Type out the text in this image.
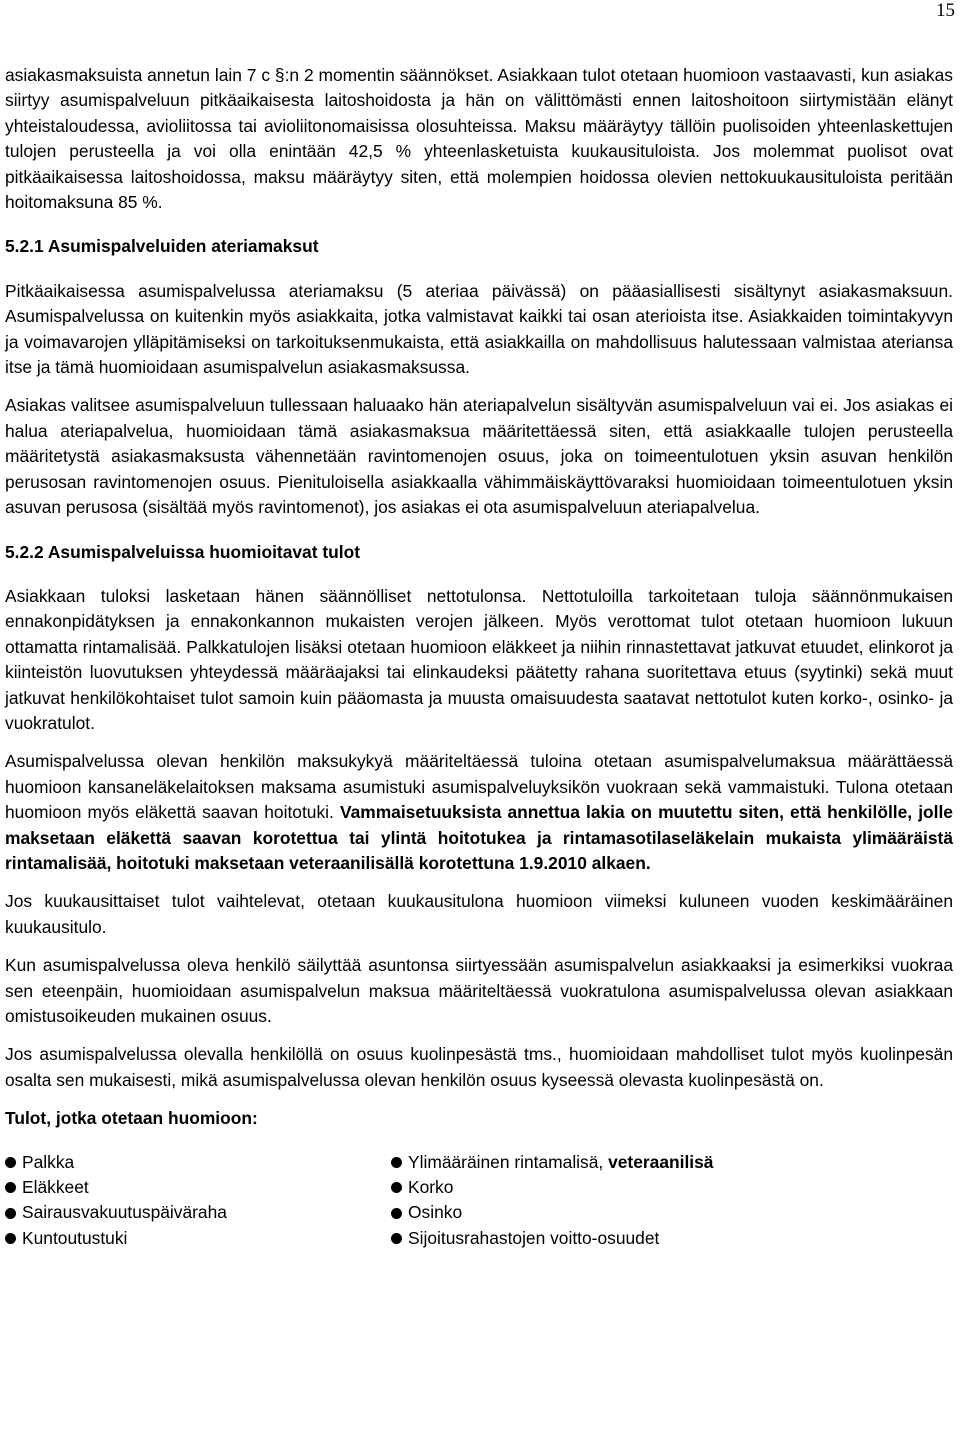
15

asiakasmaksuista annetun lain 7 c §:n 2 momentin säännökset. Asiakkaan tulot otetaan huomioon vastaavasti, kun asiakas siirtyy asumispalveluun pitkäaikaisesta laitoshoidosta ja hän on välittömästi ennen laitoshoitoon siirtymistään elänyt yhteistaloudessa, avioliitossa tai avioliitonomaisissa olosuhteissa. Maksu määräytyy tällöin puolisoiden yhteenlaskettujen tulojen perusteella ja voi olla enintään 42,5 % yhteenlasketuista kuukausituloista. Jos molemmat puolisot ovat pitkäaikaisessa laitoshoidossa, maksu määräytyy siten, että molempien hoidossa olevien nettokuukausituloista peritään hoitomaksuna 85 %.

5.2.1 Asumispalveluiden ateriamaksut

Pitkäaikaisessa asumispalvelussa ateriamaksu (5 ateriaa päivässä) on pääasiallisesti sisältynyt asiakasmaksuun. Asumispalvelussa on kuitenkin myös asiakkaita, jotka valmistavat kaikki tai osan aterioista itse. Asiakkaiden toimintakyvyn ja voimavarojen ylläpitämiseksi on tarkoituksenmukaista, että asiakkailla on mahdollisuus halutessaan valmistaa ateriansa itse ja tämä huomioidaan asumispalvelun asiakasmaksussa.

Asiakas valitsee asumispalveluun tullessaan haluaako hän ateriapalvelun sisältyvän asumispalveluun vai ei. Jos asiakas ei halua ateriapalvelua, huomioidaan tämä asiakasmaksua määritettäessä siten, että asiakkaalle tulojen perusteella määritetystä asiakasmaksusta vähennetään ravintomenojen osuus, joka on toimeentulotuen yksin asuvan henkilön perusosan ravintomenojen osuus. Pienituloisella asiakkaalla vähimmäiskäyttövaraksi huomioidaan toimeentulotuen yksin asuvan perusosa (sisältää myös ravintomenot), jos asiakas ei ota asumispalveluun ateriapalvelua.

5.2.2 Asumispalveluissa huomioitavat tulot

Asiakkaan tuloksi lasketaan hänen säännölliset nettotulonsa. Nettotuloilla tarkoitetaan tuloja säännönmukaisen ennakonpidätyksen ja ennakonkannon mukaisten verojen jälkeen. Myös verottomat tulot otetaan huomioon lukuun ottamatta rintamalisää. Palkkatulojen lisäksi otetaan huomioon eläkkeet ja niihin rinnastettavat jatkuvat etuudet, elinkorot ja kiinteistön luovutuksen yhteydessä määräajaksi tai elinkaudeksi päätetty rahana suoritettava etuus (syytinki) sekä muut jatkuvat henkilökohtaiset tulot samoin kuin pääomasta ja muusta omaisuudesta saatavat nettotulot kuten korko-, osinko- ja vuokratulot.

Asumispalvelussa olevan henkilön maksukykyä määriteltäessä tuloina otetaan asumispalvelumaksua määrättäessä huomioon kansaneläkelaitoksen maksama asumistuki asumispalveluyksikön vuokraan sekä vammaistuki. Tulona otetaan huomioon myös eläkettä saavan hoitotuki. Vammaisetuuksista annettua lakia on muutettu siten, että henkilölle, jolle maksetaan eläkettä saavan korotettua tai ylintä hoitotukea ja rintamasotilaseläkelain mukaista ylimääräistä rintamalisää, hoitotuki maksetaan veteraanilisällä korotettuna 1.9.2010 alkaen.

Jos kuukausittaiset tulot vaihtelevat, otetaan kuukausitulona huomioon viimeksi kuluneen vuoden keskimääräinen kuukausitulo.

Kun asumispalvelussa oleva henkilö säilyttää asuntonsa siirtyessään asumispalvelun asiakkaaksi ja esimerkiksi vuokraa sen eteenpäin, huomioidaan asumispalvelun maksua määriteltäessä vuokratulona asumispalvelussa olevan asiakkaan omistusoikeuden mukainen osuus.

Jos asumispalvelussa olevalla henkilöllä on osuus kuolinpesästä tms., huomioidaan mahdolliset tulot myös kuolinpesän osalta sen mukaisesti, mikä asumispalvelussa olevan henkilön osuus kyseessä olevasta kuolinpesästä on.

Tulot, jotka otetaan huomioon:
Palkka	Ylimääräinen rintamalisä, veteraanilisä
Eläkkeet	Korko
Sairausvakuutuspäiväraha	Osinko
Kuntoutustuki	Sijoitusrahastojen voitto-osuudet
